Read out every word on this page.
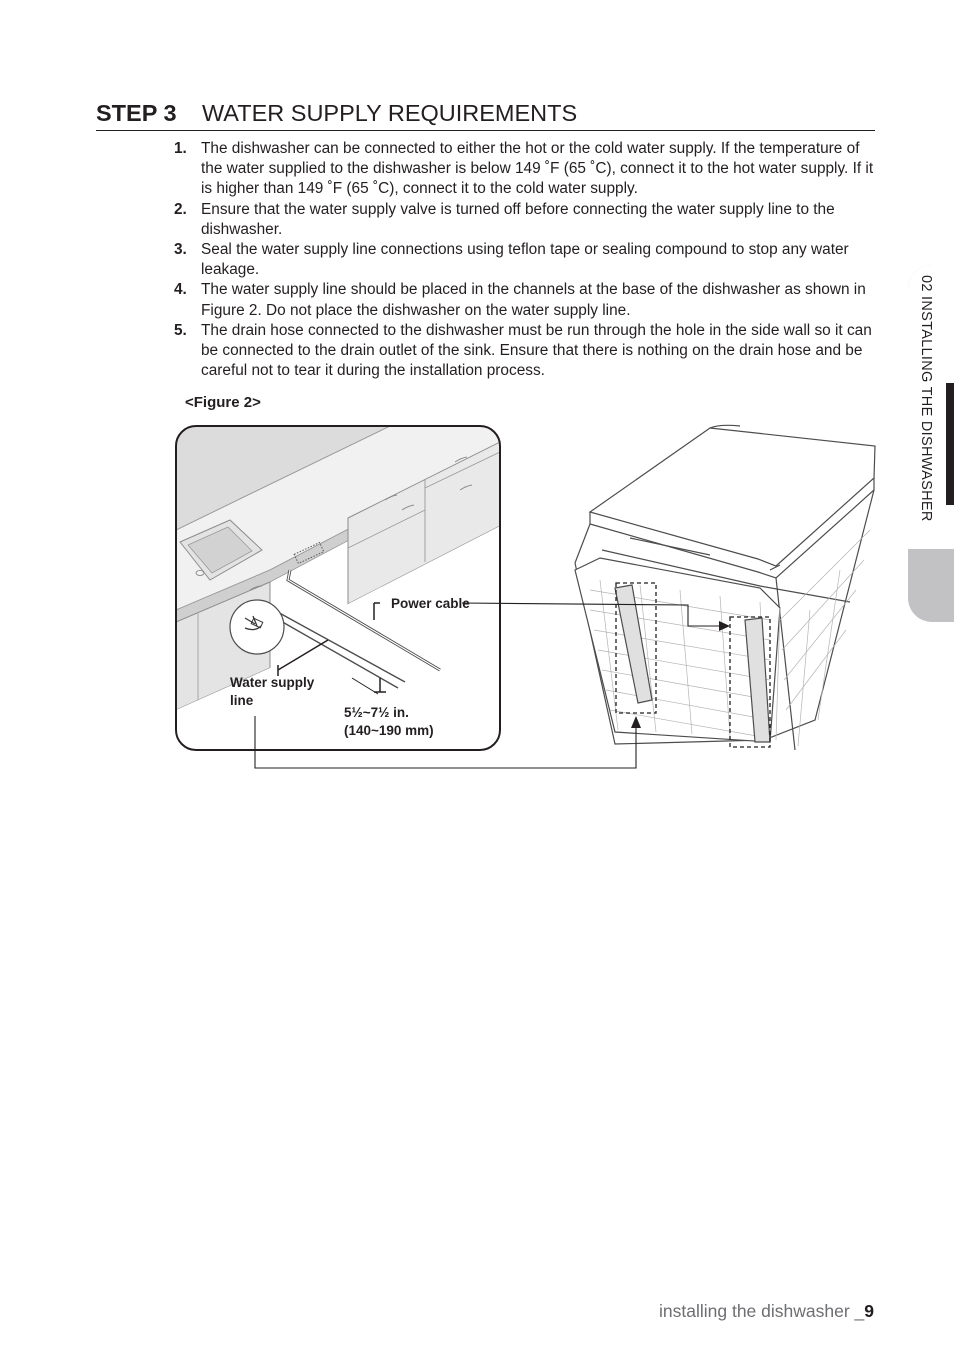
STEP 3 WATER SUPPLY REQUIREMENTS
1. The dishwasher can be connected to either the hot or the cold water supply. If the temperature of the water supplied to the dishwasher is below 149 ˚F (65 ˚C), connect it to the hot water supply. If it is higher than 149 ˚F (65 ˚C), connect it to the cold water supply.
2. Ensure that the water supply valve is turned off before connecting the water supply line to the dishwasher.
3. Seal the water supply line connections using teflon tape or sealing compound to stop any water leakage.
4. The water supply line should be placed in the channels at the base of the dishwasher as shown in Figure 2. Do not place the dishwasher on the water supply line.
5. The drain hose connected to the dishwasher must be run through the hole in the side wall so it can be connected to the drain outlet of the sink. Ensure that there is nothing on the drain hose and be careful not to tear it during the installation process.
<Figure 2>
Power cable
Water supply
line
5½~7½ in.
(140~190 mm)
02 INSTALLING THE DISHWASHER
installing the dishwasher _9
